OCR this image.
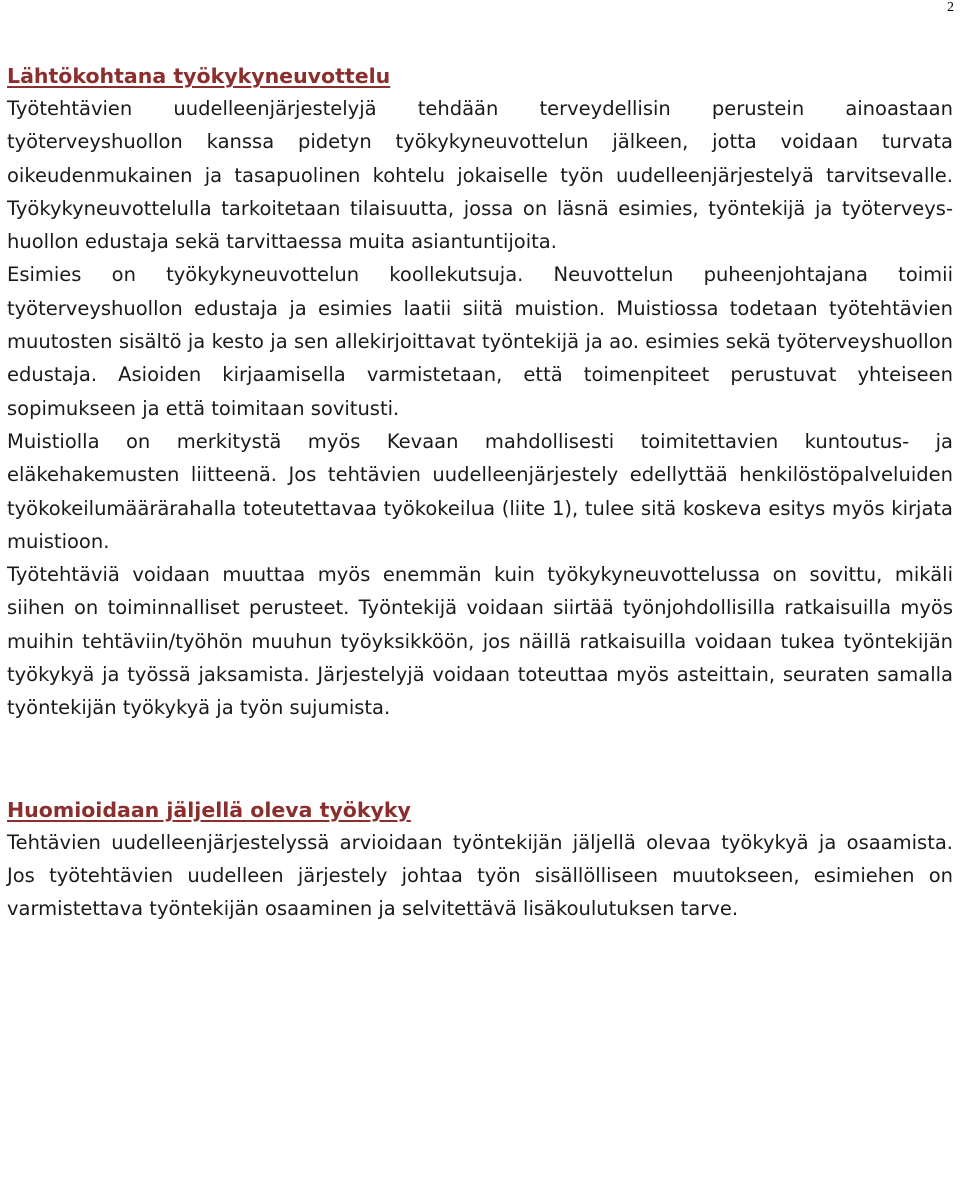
2
Lähtökohtana työkykyneuvottelu

Työtehtävien uudelleenjärjestelyjä tehdään terveydellisin perustein ainoastaan työterveyshuollon kanssa pidetyn työkykyneuvottelun jälkeen, jotta voidaan turvata oikeudenmukainen ja tasapuolinen kohtelu jokaiselle työn uudelleenjärjestelyä tarvitsevalle. Työkykyneuvottelulla tarkoitetaan tilaisuutta, jossa on läsnä esimies, työntekijä ja työterveys-huollon edustaja sekä tarvittaessa muita asiantuntijoita.

Esimies on työkykyneuvottelun koollekutsuja. Neuvottelun puheenjohtajana toimii työterveyshuollon edustaja ja esimies laatii siitä muistion. Muistiossa todetaan työtehtävien muutosten sisältö ja kesto ja sen allekirjoittavat työntekijä ja ao. esimies sekä työterveyshuollon edustaja. Asioiden kirjaamisella varmistetaan, että toimenpiteet perustuvat yhteiseen sopimukseen ja että toimitaan sovitusti.

Muistiolla on merkitystä myös Kevaan mahdollisesti toimitettavien kuntoutus- ja eläkehakemusten liitteenä. Jos tehtävien uudelleenjärjestely edellyttää henkilöstöpalveluiden työkokeilumäärärahalla toteutettavaa työkokeilua (liite 1), tulee sitä koskeva esitys myös kirjata muistioon.

Työtehtäviä voidaan muuttaa myös enemmän kuin työkykyneuvottelussa on sovittu, mikäli siihen on toiminnalliset perusteet. Työntekijä voidaan siirtää työnjohdollisilla ratkaisuilla myös muihin tehtäviin/työhön muuhun työyksikköön, jos näillä ratkaisuilla voidaan tukea työntekijän työkykyä ja työssä jaksamista. Järjestelyjä voidaan toteuttaa myös asteittain, seuraten samalla työntekijän työkykyä ja työn sujumista.

Huomioidaan jäljellä oleva työkyky

Tehtävien uudelleenjärjestelyssä arvioidaan työntekijän jäljellä olevaa työkykyä ja osaamista. Jos työtehtävien uudelleen järjestely johtaa työn sisällölliseen muutokseen, esimiehen on varmistettava työntekijän osaaminen ja selvitettävä lisäkoulutuksen tarve.
